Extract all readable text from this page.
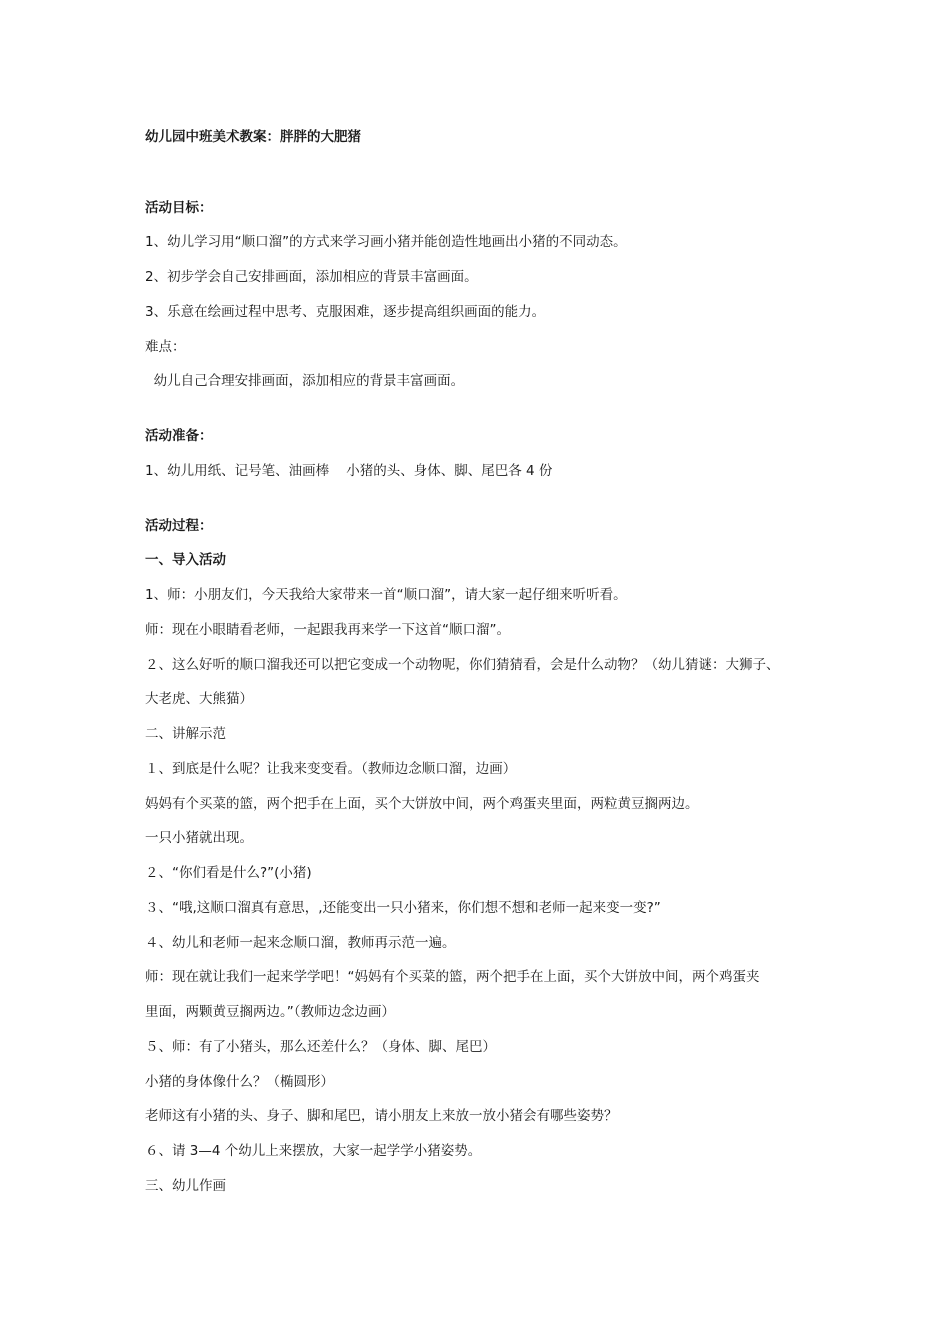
幼儿园中班美术教案：胖胖的大肥猪
活动目标：
1、幼儿学习用“顺口溜”的方式来学习画小猪并能创造性地画出小猪的不同动态。
2、初步学会自己安排画面，添加相应的背景丰富画面。
3、乐意在绘画过程中思考、克服困难，逐步提高组织画面的能力。
难点：
幼儿自己合理安排画面，添加相应的背景丰富画面。
活动准备：
1、幼儿用纸、记号笔、油画棒    小猪的头、身体、脚、尾巴各 4 份
活动过程：
一、导入活动
1、师：小朋友们，今天我给大家带来一首“顺口溜”，请大家一起仔细来听听看。
师：现在小眼睛看老师，一起跟我再来学一下这首“顺口溜”。
２、这么好听的顺口溜我还可以把它变成一个动物呢，你们猜猜看，会是什么动物？（幼儿猜谜：大狮子、
大老虎、大熊猫）
二、讲解示范
１、到底是什么呢？让我来变变看。（教师边念顺口溜，边画）
妈妈有个买菜的篮，两个把手在上面，买个大饼放中间，两个鸡蛋夹里面，两粒黄豆搁两边。
一只小猪就出现。
２、“你们看是什么?”(小猪)
３、“哦,这顺口溜真有意思，,还能变出一只小猪来，你们想不想和老师一起来变一变?”
４、幼儿和老师一起来念顺口溜，教师再示范一遍。
师：现在就让我们一起来学学吧！“妈妈有个买菜的篮，两个把手在上面，买个大饼放中间，两个鸡蛋夹
里面，两颗黄豆搁两边。”（教师边念边画）
５、师：有了小猪头，那么还差什么？（身体、脚、尾巴）
小猪的身体像什么？（椭圆形）
老师这有小猪的头、身子、脚和尾巴，请小朋友上来放一放小猪会有哪些姿势？
６、请 3—4 个幼儿上来摆放，大家一起学学小猪姿势。
三、幼儿作画
